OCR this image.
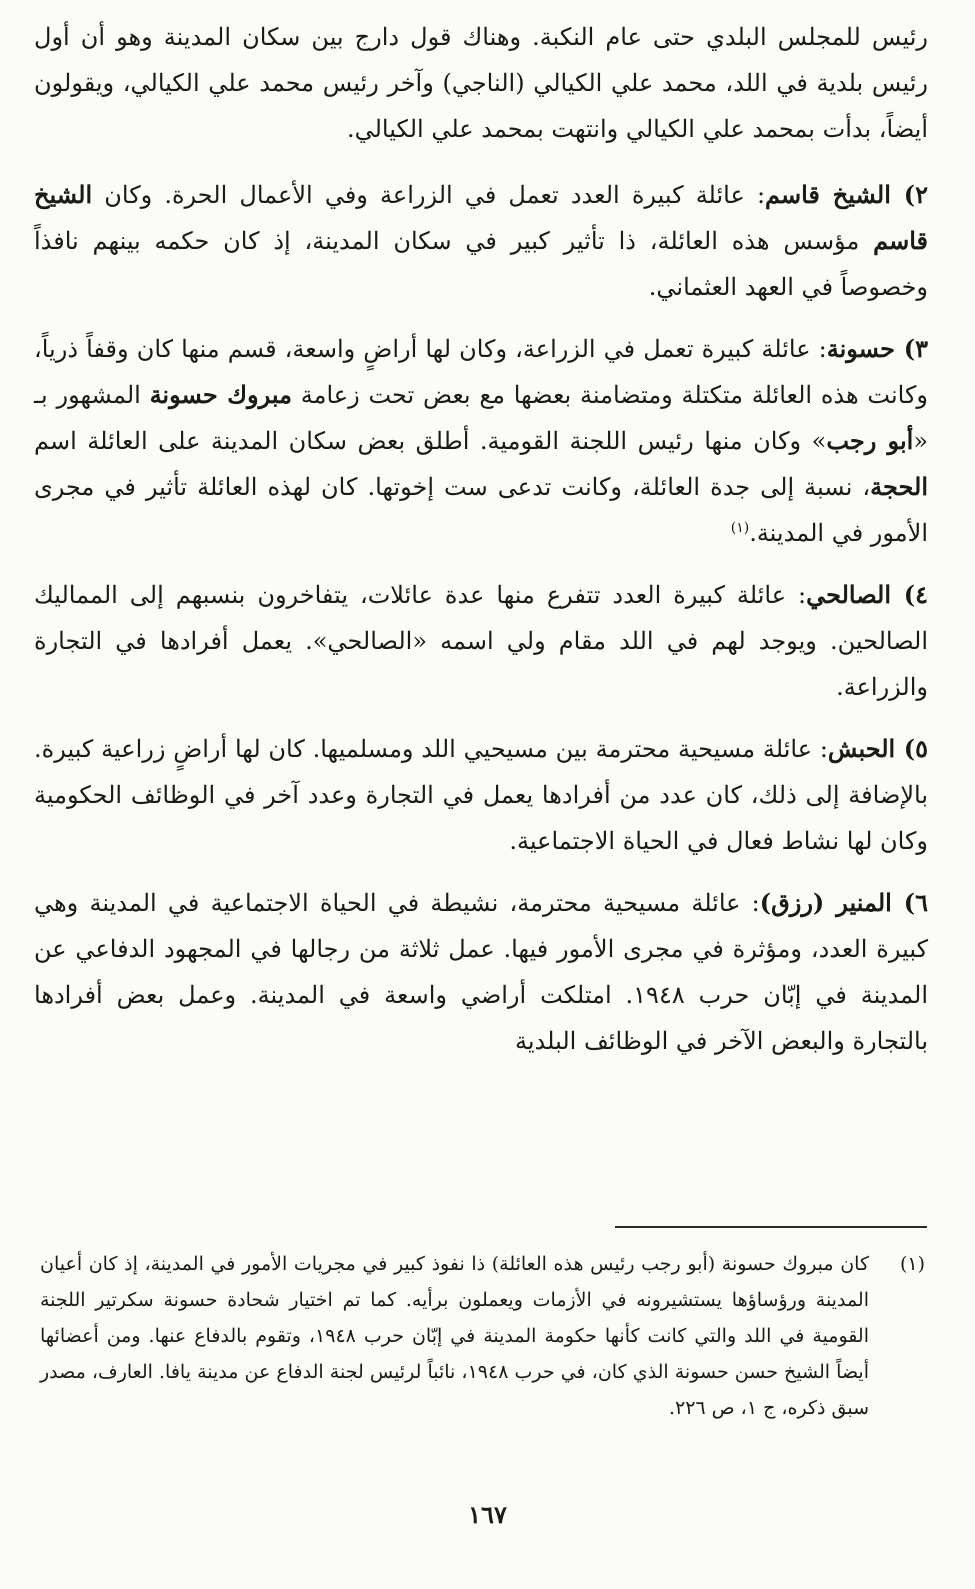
رئيس للمجلس البلدي حتى عام النكبة. وهناك قول دارج بين سكان المدينة وهو أن أول رئيس بلدية في اللد، محمد علي الكيالي (الناجي) وآخر رئيس محمد علي الكيالي، ويقولون أيضاً، بدأت بمحمد علي الكيالي وانتهت بمحمد علي الكيالي.

٢) الشيخ قاسم: عائلة كبيرة العدد تعمل في الزراعة وفي الأعمال الحرة. وكان الشيخ قاسم مؤسس هذه العائلة، ذا تأثير كبير في سكان المدينة، إذ كان حكمه بينهم نافذاً وخصوصاً في العهد العثماني.

٣) حسونة: عائلة كبيرة تعمل في الزراعة، وكان لها أراضٍ واسعة، قسم منها كان وقفاً ذرياً، وكانت هذه العائلة متكتلة ومتضامنة بعضها مع بعض تحت زعامة مبروك حسونة المشهور بـ «أبو رجب» وكان منها رئيس اللجنة القومية. أطلق بعض سكان المدينة على العائلة اسم الحجة، نسبة إلى جدة العائلة، وكانت تدعى ست إخوتها. كان لهذه العائلة تأثير في مجرى الأمور في المدينة.$^{(١)}$

٤) الصالحي: عائلة كبيرة العدد تتفرع منها عدة عائلات، يتفاخرون بنسبهم إلى المماليك الصالحين. ويوجد لهم في اللد مقام ولي اسمه «الصالحي». يعمل أفرادها في التجارة والزراعة.

٥) الحبش: عائلة مسيحية محترمة بين مسيحيي اللد ومسلميها. كان لها أراضٍ زراعية كبيرة. بالإضافة إلى ذلك، كان عدد من أفرادها يعمل في التجارة وعدد آخر في الوظائف الحكومية وكان لها نشاط فعال في الحياة الاجتماعية.

٦) المنير (رزق): عائلة مسيحية محترمة، نشيطة في الحياة الاجتماعية في المدينة وهي كبيرة العدد، ومؤثرة في مجرى الأمور فيها. عمل ثلاثة من رجالها في المجهود الدفاعي عن المدينة في إبّان حرب ١٩٤٨. امتلكت أراضي واسعة في المدينة. وعمل بعض أفرادها بالتجارة والبعض الآخر في الوظائف البلدية

(١)
كان مبروك حسونة (أبو رجب رئيس هذه العائلة) ذا نفوذ كبير في مجريات الأمور في المدينة، إذ كان أعيان المدينة ورؤساؤها يستشيرونه في الأزمات ويعملون برأيه. كما تم اختيار شحادة حسونة سكرتير اللجنة القومية في اللد والتي كانت كأنها حكومة المدينة في إبّان حرب ١٩٤٨، وتقوم بالدفاع عنها. ومن أعضائها أيضاً الشيخ حسن حسونة الذي كان، في حرب ١٩٤٨، نائباً لرئيس لجنة الدفاع عن مدينة يافا. العارف، مصدر سبق ذكره، ج ١، ص ٢٢٦.
١٦٧
